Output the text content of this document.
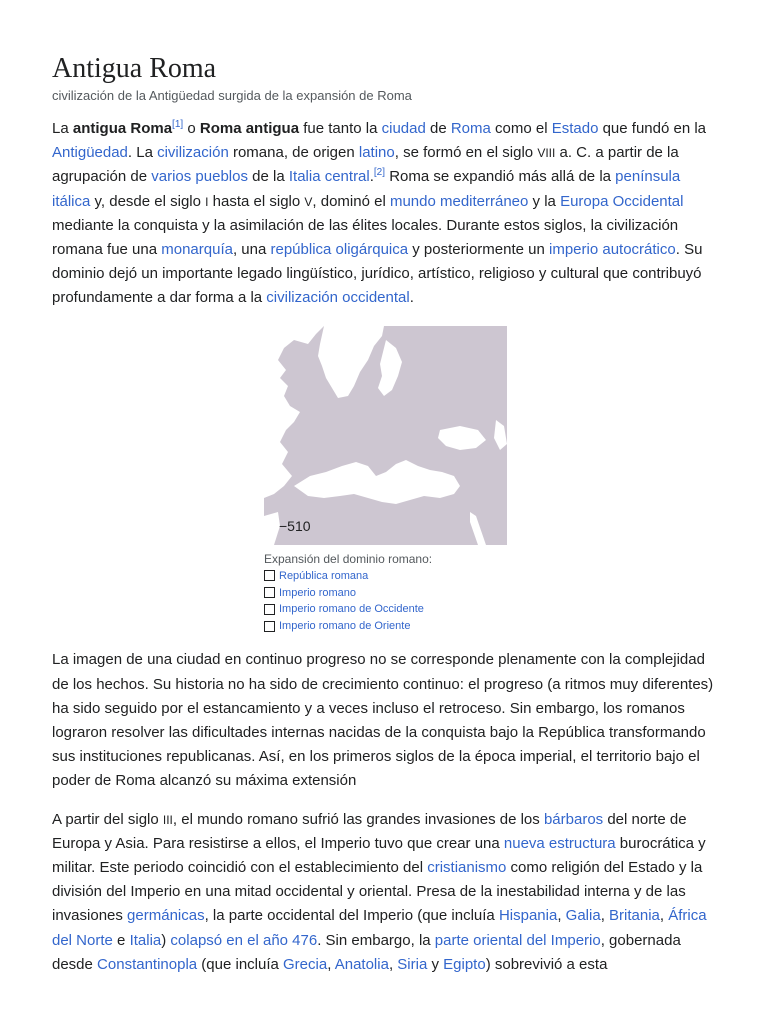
Antigua Roma
civilización de la Antigüedad surgida de la expansión de Roma

La antigua Roma[1] o Roma antigua fue tanto la ciudad de Roma como el Estado que fundó en la Antigüedad. La civilización romana, de origen latino, se formó en el siglo VIII a. C. a partir de la agrupación de varios pueblos de la Italia central.[2] Roma se expandió más allá de la península itálica y, desde el siglo I hasta el siglo V, dominó el mundo mediterráneo y la Europa Occidental mediante la conquista y la asimilación de las élites locales. Durante estos siglos, la civilización romana fue una monarquía, una república oligárquica y posteriormente un imperio autocrático. Su dominio dejó un importante legado lingüístico, jurídico, artístico, religioso y cultural que contribuyó profundamente a dar forma a la civilización occidental.

−510
Expansión del dominio romano:
República romana
Imperio romano
Imperio romano de Occidente
Imperio romano de Oriente

La imagen de una ciudad en continuo progreso no se corresponde plenamente con la complejidad de los hechos. Su historia no ha sido de crecimiento continuo: el progreso (a ritmos muy diferentes) ha sido seguido por el estancamiento y a veces incluso el retroceso. Sin embargo, los romanos lograron resolver las dificultades internas nacidas de la conquista bajo la República transformando sus instituciones republicanas. Así, en los primeros siglos de la época imperial, el territorio bajo el poder de Roma alcanzó su máxima extensión

A partir del siglo III, el mundo romano sufrió las grandes invasiones de los bárbaros del norte de Europa y Asia. Para resistirse a ellos, el Imperio tuvo que crear una nueva estructura burocrática y militar. Este periodo coincidió con el establecimiento del cristianismo como religión del Estado y la división del Imperio en una mitad occidental y oriental. Presa de la inestabilidad interna y de las invasiones germánicas, la parte occidental del Imperio (que incluía Hispania, Galia, Britania, África del Norte e Italia) colapsó en el año 476. Sin embargo, la parte oriental del Imperio, gobernada desde Constantinopla (que incluía Grecia, Anatolia, Siria y Egipto) sobrevivió a esta
